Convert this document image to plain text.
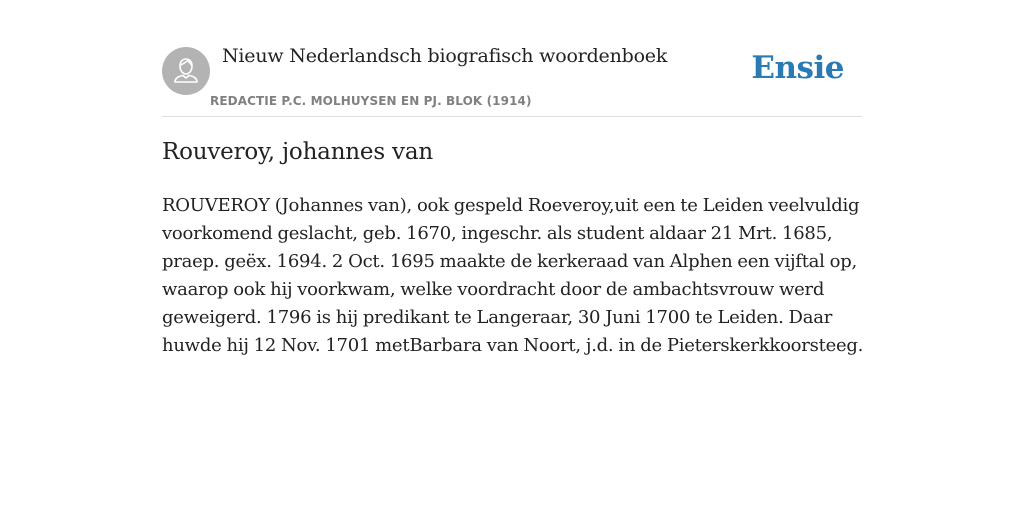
Nieuw Nederlandsch biografisch woordenboek
REDACTIE P.C. MOLHUYSEN EN PJ. BLOK (1914)
Ensie
Rouveroy, johannes van

ROUVEROY (Johannes van), ook gespeld Roeveroy,uit een te Leiden veelvuldig voorkomend geslacht, geb. 1670, ingeschr. als student aldaar 21 Mrt. 1685, praep. geëx. 1694. 2 Oct. 1695 maakte de kerkeraad van Alphen een vijftal op, waarop ook hij voorkwam, welke voordracht door de ambachtsvrouw werd geweigerd. 1796 is hij predikant te Langeraar, 30 Juni 1700 te Leiden. Daar huwde hij 12 Nov. 1701 metBarbara van Noort, j.d. in de Pieterskerkkoorsteeg.
